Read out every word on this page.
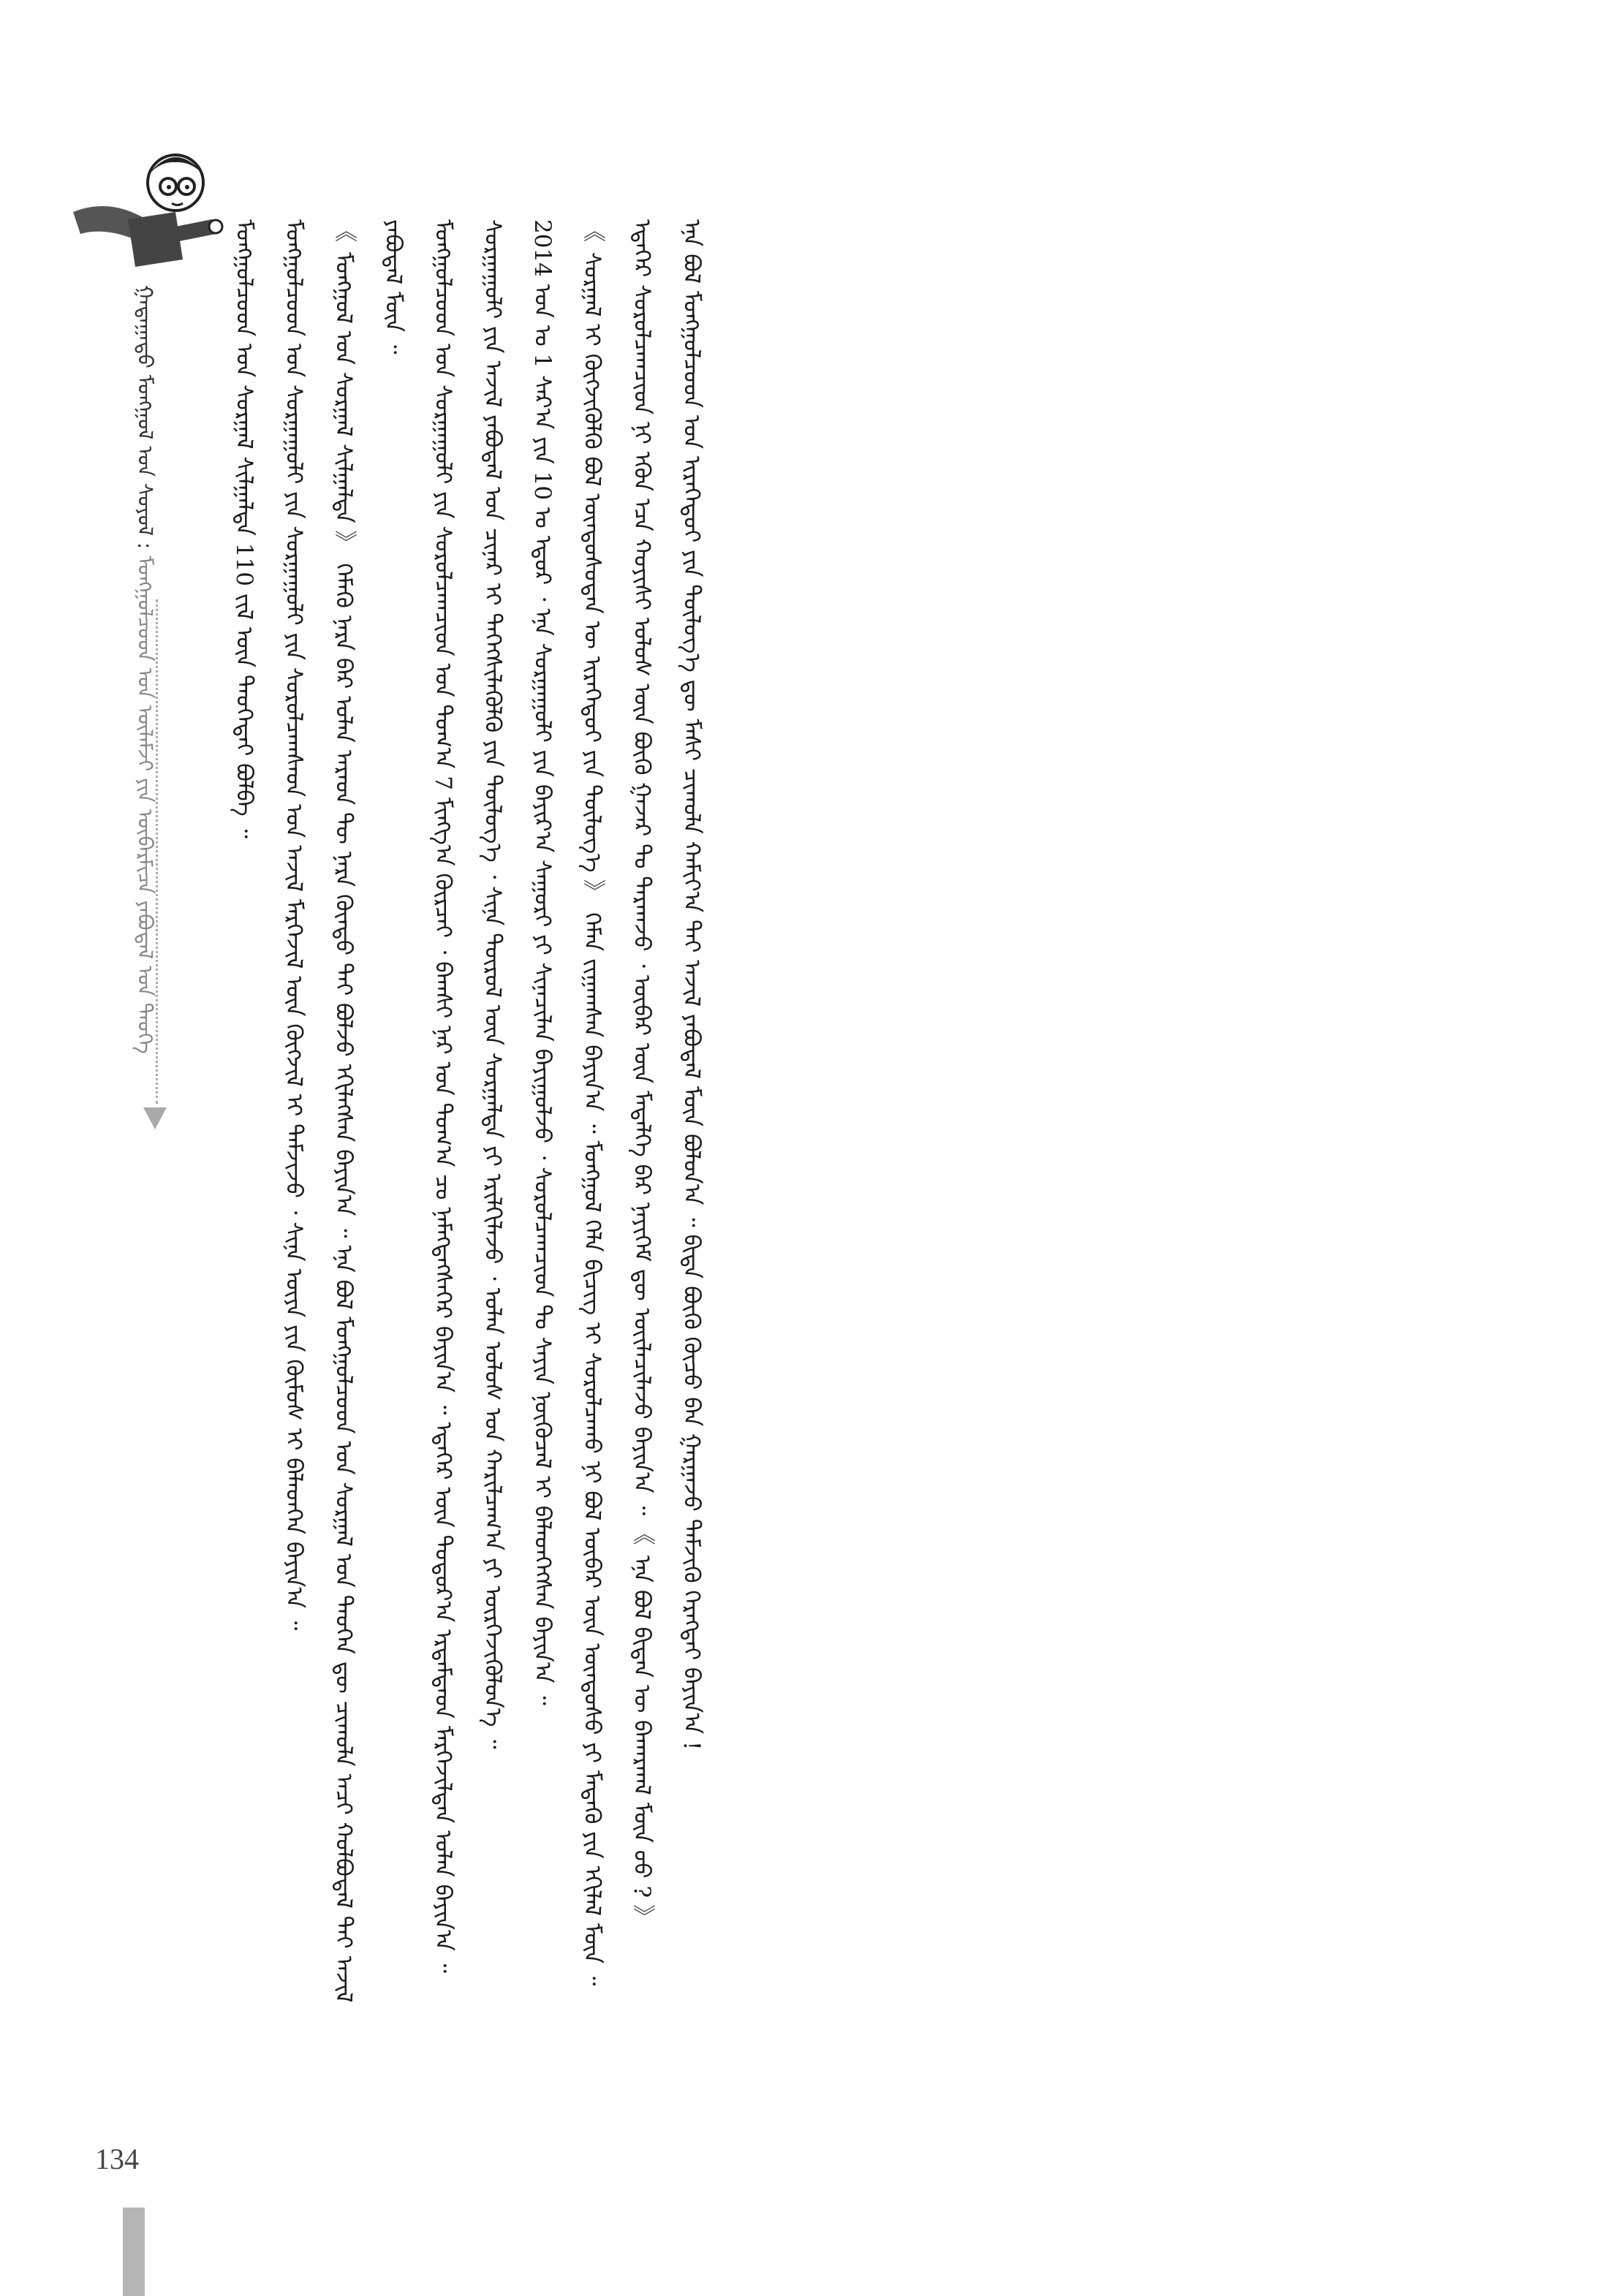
ᠭᠠᠳᠠᠭᠠᠳᠤ ᠮᠣᠩᠭᠣᠯ ᠤᠨ ᠰᠣᠶᠣᠯ : ᠮᠣᠩᠭᠣᠯᠴᠤᠳ ᠤᠨ ᠦᠯᠡᠮᠵᠢ ᠶᠢᠨ ᠦᠪᠡᠷᠮᠢᠴᠡ ᠶᠠᠪᠤᠳᠠᠯ ᠤᠨ ᠲᠡᠦᠬᠡ	ᠮᠣᠩᠭᠣᠯᠴᠤᠳ ᠤᠨ ᠰᠤᠷᠭᠠᠯ ᠰᠢᠯᠭᠠᠯᠲᠠ 110 ᠵᠢᠯ ᠦᠨ ᠲᠡᠦᠬᠡᠲᠡᠢ ᠪᠣᠯᠪᠠ ᠃	ᠮᠣᠩᠭᠣᠯᠴᠤᠳ ᠤᠨ ᠰᠤᠷᠭᠠᠭᠤᠯᠢ ᠶᠢᠨ ᠰᠤᠷᠭᠠᠭᠤᠯᠢ ᠶᠢᠨ ᠰᠤᠷᠤᠯᠴᠠᠭᠰᠠᠳ ᠤᠨ ᠠᠵᠢᠯ ᠮᠡᠷᠭᠡᠵᠢᠯ ᠦᠨ ᠬᠥᠭᠵᠢᠯ ᠢ ᠳᠡᠮᠵᠢᠵᠦ ᠂ ᠰᠢᠨᠡ ᠦᠶᠡ ᠶᠢᠨ ᠬᠦᠮᠦᠰ ᠢ ᠪᠡᠯᠡᠳᠬᠡᠨ ᠪᠠᠶᠢᠨ᠎ᠠ ᠃	《 ᠮᠣᠩᠭᠣᠯ ᠤᠨ ᠰᠤᠷᠭᠠᠯ ᠰᠢᠯᠭᠠᠯᠲᠠ 》 ᠬᠡᠮᠡᠬᠦ ᠨᠡᠷᠡ ᠪᠡᠷ ᠣᠯᠠᠨ ᠠᠷᠠᠳ ᠲᠦ ᠨᠡᠷᠡ ᠬᠦᠨᠳᠦ ᠲᠠᠢ ᠪᠣᠯᠵᠤ ᠡᠬᠢᠯᠡᠭᠰᠡᠨ ᠪᠠᠶᠢᠨ᠎ᠠ ᠃ ᠡᠨᠡ ᠪᠣᠯ ᠮᠣᠩᠭᠣᠯᠴᠤᠳ ᠤᠨ ᠰᠤᠷᠭᠠᠯ ᠤᠨ ᠲᠡᠦᠬᠡᠨ ᠳᠦ ᠴᠢᠬᠤᠯᠠ ᠠᠴᠢ ᠬᠣᠯᠪᠣᠳᠠᠯ ᠲᠠᠢ ᠠᠵᠢᠯ ᠶᠠᠪᠤᠳᠠᠯ ᠮᠥᠨ ᠃	ᠮᠣᠩᠭᠣᠯᠴᠤᠳ ᠤᠨ ᠰᠤᠷᠭᠠᠭᠤᠯᠢ ᠶᠢᠨ ᠰᠤᠷᠤᠯᠴᠠᠭᠴᠢᠳ ᠤᠨ ᠲᠣᠭ᠎ᠠ 7 ᠮᠢᠩᠭ᠎ᠠ ᠬᠦᠷᠴᠡᠢ ᠂ ᠪᠠᠭᠰᠢ ᠨᠠᠷ ᠤᠨ ᠲᠣᠭ᠎ᠠ ᠴᠤ ᠨᠡᠮᠡᠭᠳᠡᠭᠰᠡᠭᠡᠷ ᠪᠠᠶᠢᠨ᠎ᠠ ᠃ ᠡᠳᠡᠭᠡᠷ ᠦᠨ ᠳᠣᠲᠣᠷ᠎ᠠ ᠡᠷᠳᠡᠮᠲᠡᠳ ᠮᠡᠷᠭᠡᠵᠢᠯᠲᠡᠨ ᠣᠯᠠᠨ ᠪᠠᠶᠢᠨ᠎ᠠ ᠃	ᠰᠤᠷᠭᠠᠭᠤᠯᠢ ᠶᠢᠨ ᠠᠵᠢᠯ ᠶᠠᠪᠤᠳᠠᠯ ᠤᠨ ᠴᠢᠨᠠᠷ ᠢ ᠳᠡᠭᠡᠭᠰᠢᠯᠡᠭᠦᠯᠬᠦ ᠶᠢᠨ ᠲᠥᠯᠥᠭ᠎ᠡ ᠂ ᠰᠢᠨᠡ ᠲᠥᠷᠦᠯ ᠦᠨ ᠰᠤᠷᠭᠠᠯᠲᠠ ᠶᠢ ᠡᠷᠢᠯᠬᠢᠯᠡᠵᠦ ᠂ ᠣᠯᠠᠨ ᠤᠯᠤᠰ ᠤᠨ ᠬᠠᠷᠢᠯᠴᠠᠭ᠎ᠠ ᠶᠢ ᠥᠷᠭᠡᠵᠢᠭᠦᠯᠦᠨ᠎ᠡ ᠃	2014 ᠣᠨ ᠤ 1 ᠰᠠᠷ᠎ᠠ ᠶᠢᠨ 10 ᠤ ᠡᠳᠦᠷ ᠂ ᠡᠨᠡ ᠰᠤᠷᠭᠠᠭᠤᠯᠢ ᠶᠢᠨ ᠪᠠᠶᠢᠷ᠎ᠠ ᠰᠠᠭᠤᠷᠢ ᠶᠢ ᠰᠢᠨᠡᠴᠢᠯᠡᠨ ᠪᠠᠶᠢᠭᠤᠯᠵᠤ ᠂ ᠰᠤᠷᠤᠯᠴᠠᠭᠴᠢᠳ ᠲᠤ ᠰᠠᠶᠢᠨ ᠨᠥᠬᠦᠴᠡᠯ ᠢ ᠪᠡᠯᠡᠳᠬᠡᠭᠰᠡᠨ ᠪᠠᠶᠢᠨ᠎ᠠ ᠃	《 ᠰᠤᠷᠭᠠᠯ ᠢ ᠬᠥᠭᠵᠢᠭᠦᠯᠬᠦ ᠪᠣᠯ ᠦᠨᠳᠦᠰᠦᠲᠡᠨ ᠦ ᠢᠷᠡᠭᠡᠳᠦᠢ ᠶᠢᠨ ᠲᠥᠯᠥᠭ᠎ᠡ 》 ᠬᠡᠮᠡᠨ ᠵᠢᠭᠠᠭᠰᠠᠨ ᠪᠠᠶᠢᠨ᠎ᠠ ᠃ ᠮᠣᠩᠭᠣᠯ ᠬᠡᠯᠡ ᠪᠢᠴᠢᠭ ᠢ ᠰᠤᠷᠤᠯᠴᠠᠬᠤ ᠨᠢ ᠪᠣᠯ ᠥᠪᠡᠷ ᠦᠨ ᠦᠨᠳᠦᠰᠦ ᠶᠢ ᠮᠡᠳᠡᠬᠦ ᠶᠢᠨ ᠡᠬᠢᠯᠡᠯ ᠮᠥᠨ ᠃	ᠡᠳᠡᠭᠡᠷ ᠰᠤᠷᠤᠯᠴᠠᠭᠴᠢᠳ ᠨᠢ ᠡᠭᠦᠨ ᠡᠴᠡ ᠬᠣᠶᠢᠰᠢ ᠤᠯᠤᠰ ᠦᠨ ᠪᠦᠬᠦ ᠭᠠᠵᠠᠷ ᠲᠤ ᠲᠠᠷᠬᠠᠵᠤ ᠂ ᠥᠪᠡᠷ ᠦᠨ ᠮᠡᠳᠡᠯᠭᠡ ᠪᠡᠷ ᠨᠡᠶᠢᠭᠡᠮ ᠳᠦ ᠦᠢᠯᠡᠴᠢᠯᠡᠵᠦ ᠪᠠᠶᠢᠨ᠎ᠠ ᠃ 《 ᠡᠨᠡ ᠪᠣᠯ ᠪᠢᠳᠡᠨ ᠦ ᠪᠠᠬᠠᠷᠬᠠᠯ ᠮᠥᠨ ᠤᠤ ? 》	ᠡᠨᠡ ᠪᠣᠯ ᠮᠣᠩᠭᠣᠯᠴᠤᠳ ᠤᠨ ᠢᠷᠡᠭᠡᠳᠦᠢ ᠶᠢᠨ ᠲᠥᠯᠥᠭ᠎ᠡ ᠳᠦ ᠮᠠᠰᠢ ᠴᠢᠬᠤᠯᠠ ᠬᠠᠮᠢᠶ᠎ᠠ ᠲᠠᠢ ᠠᠵᠢᠯ ᠶᠠᠪᠤᠳᠠᠯ ᠮᠥᠨ ᠪᠣᠯᠤᠨ᠎ᠠ ᠃ ᠪᠢᠳᠡ ᠪᠦᠬᠦ ᠬᠦᠴᠦ ᠪᠡᠨ ᠭᠠᠷᠭᠠᠵᠤ ᠳᠡᠮᠵᠢᠬᠦ ᠬᠡᠷᠡᠭᠲᠡᠢ ᠪᠠᠶᠢᠨ᠎ᠠ !

134
